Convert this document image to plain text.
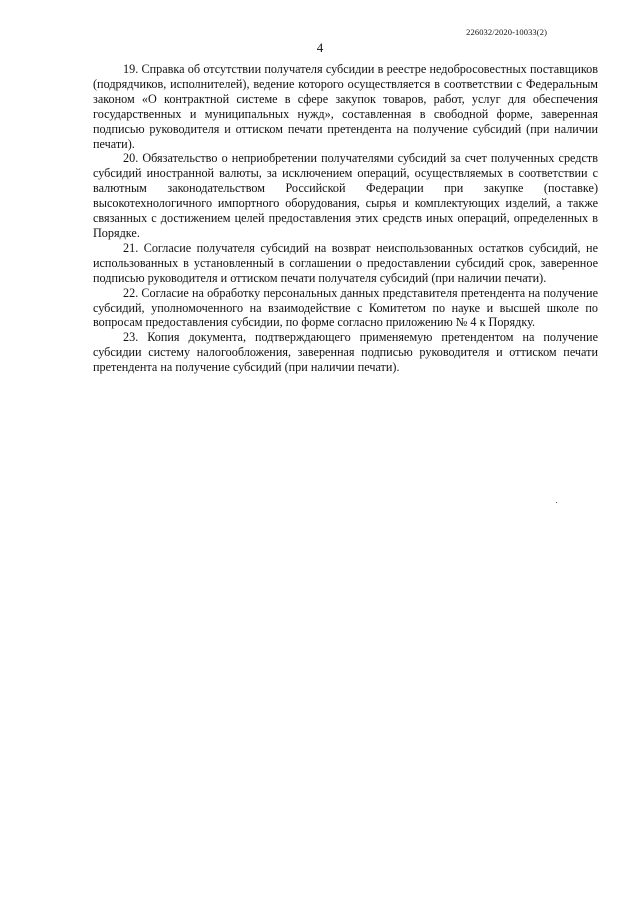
226032/2020-10033(2)
4

19. Справка об отсутствии получателя субсидии в реестре недобросовестных поставщиков (подрядчиков, исполнителей), ведение которого осуществляется в соответствии с Федеральным законом «О контрактной системе в сфере закупок товаров, работ, услуг для обеспечения государственных и муниципальных нужд», составленная в свободной форме, заверенная подписью руководителя и оттиском печати претендента на получение субсидий (при наличии печати).

20. Обязательство о неприобретении получателями субсидий за счет полученных средств субсидий иностранной валюты, за исключением операций, осуществляемых в соответствии с валютным законодательством Российской Федерации при закупке (поставке) высокотехнологичного импортного оборудования, сырья и комплектующих изделий, а также связанных с достижением целей предоставления этих средств иных операций, определенных в Порядке.

21. Согласие получателя субсидий на возврат неиспользованных остатков субсидий, не использованных в установленный в соглашении о предоставлении субсидий срок, заверенное подписью руководителя и оттиском печати получателя субсидий (при наличии печати).

22. Согласие на обработку персональных данных представителя претендента на получение субсидий, уполномоченного на взаимодействие с Комитетом по науке и высшей школе по вопросам предоставления субсидии, по форме согласно приложению № 4 к Порядку.

23. Копия документа, подтверждающего применяемую претендентом на получение субсидии систему налогообложения, заверенная подписью руководителя и оттиском печати претендента на получение субсидий (при наличии печати).
